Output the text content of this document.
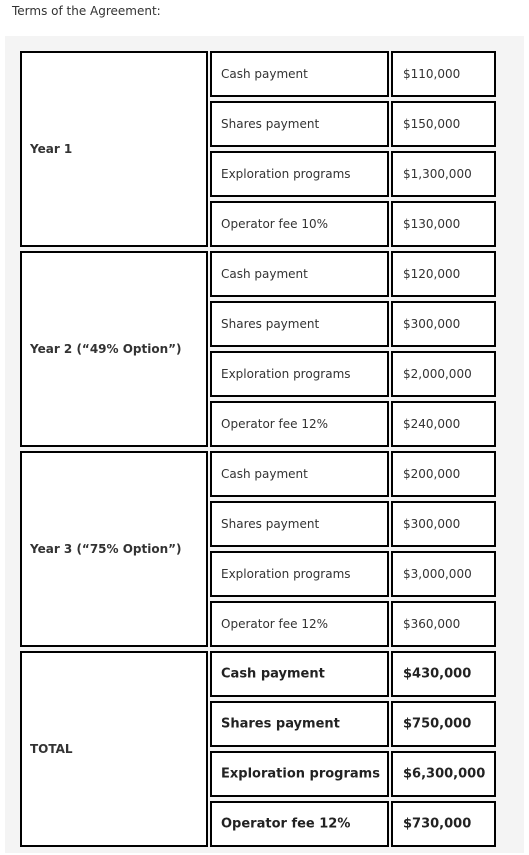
Terms of the Agreement:

Year 1
Cash payment	$110,000
Shares payment	$150,000
Exploration programs	$1,300,000
Operator fee 10%	$130,000
Year 2 (“49% Option”)
Cash payment	$120,000
Shares payment	$300,000
Exploration programs	$2,000,000
Operator fee 12%	$240,000
Year 3 (“75% Option”)
Cash payment	$200,000
Shares payment	$300,000
Exploration programs	$3,000,000
Operator fee 12%	$360,000
TOTAL
Cash payment	$430,000
Shares payment	$750,000
Exploration programs $6,300,000
Operator fee 12%	$730,000
